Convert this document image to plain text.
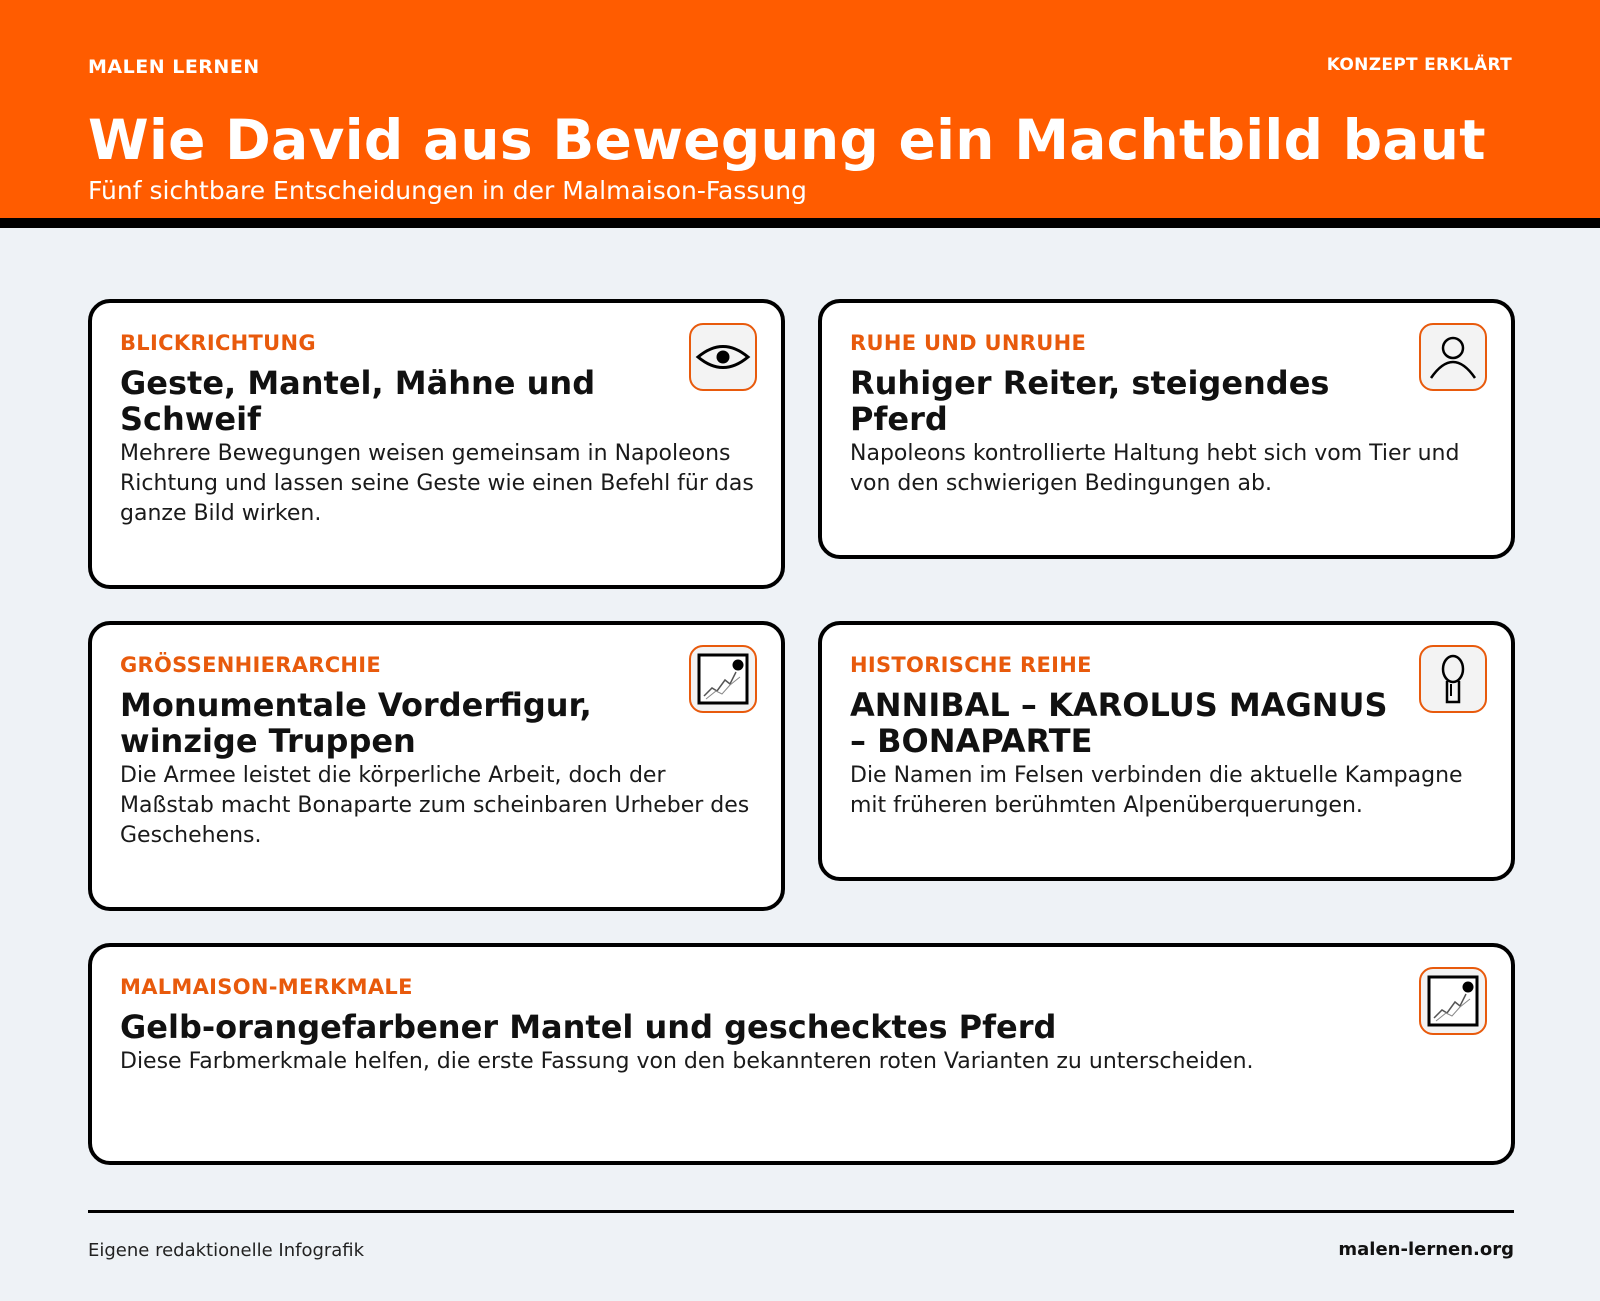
MALEN LERNEN	KONZEPT ERKLÄRT
Wie David aus Bewegung ein Machtbild baut
Fünf sichtbare Entscheidungen in der Malmaison-Fassung
BLICKRICHTUNG
Geste, Mantel, Mähne und Schweif
Mehrere Bewegungen weisen gemeinsam in Napoleons Richtung und lassen seine Geste wie einen Befehl für das ganze Bild wirken.
RUHE UND UNRUHE
Ruhiger Reiter, steigendes Pferd
Napoleons kontrollierte Haltung hebt sich vom Tier und von den schwierigen Bedingungen ab.
GRÖSSENHIERARCHIE
Monumentale Vorderfigur, winzige Truppen
Die Armee leistet die körperliche Arbeit, doch der Maßstab macht Bonaparte zum scheinbaren Urheber des Geschehens.
HISTORISCHE REIHE
ANNIBAL – KAROLUS MAGNUS – BONAPARTE
Die Namen im Felsen verbinden die aktuelle Kampagne mit früheren berühmten Alpenüberquerungen.
MALMAISON-MERKMALE
Gelb-orangefarbener Mantel und geschecktes Pferd
Diese Farbmerkmale helfen, die erste Fassung von den bekannteren roten Varianten zu unterscheiden.
Eigene redaktionelle Infografik	malen-lernen.org
